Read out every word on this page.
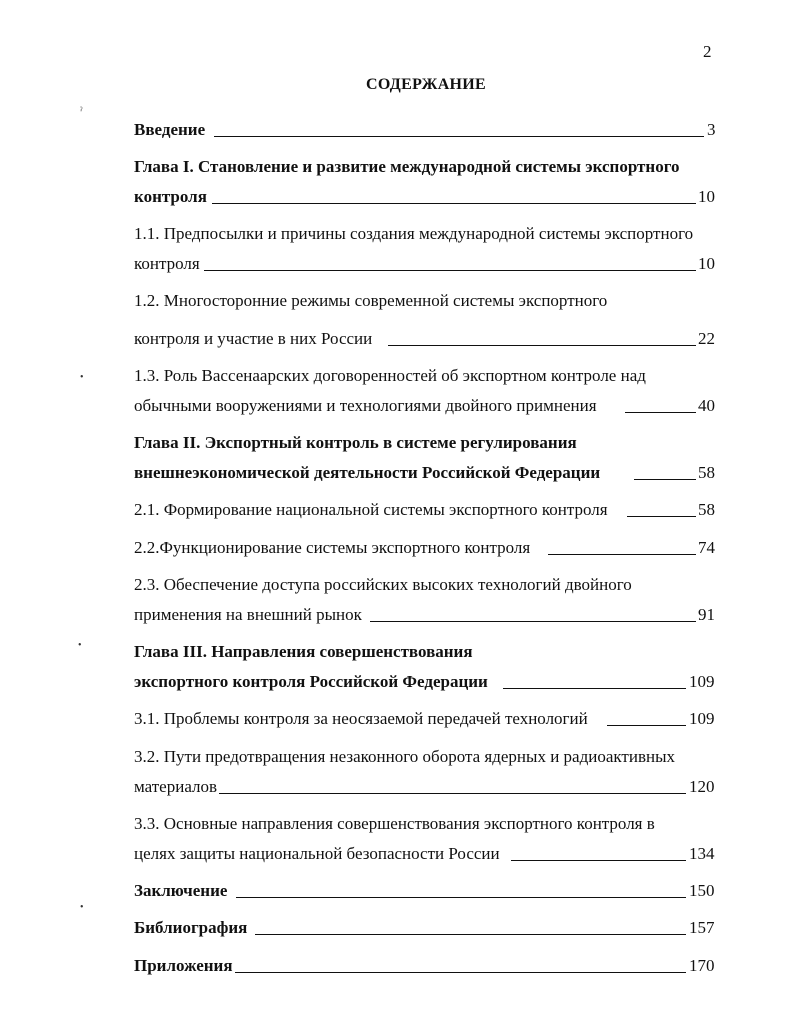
2
СОДЕРЖАНИЕ
ˀ
•
•
•
Введение	3
Глава I. Становление и развитие международной системы экспортного
контроля	10
1.1. Предпосылки и причины создания международной системы экспортного
контроля	10
1.2. Многосторонние режимы современной системы экспортного
контроля и участие в них России	22
1.3. Роль Вассенаарских договоренностей об экспортном контроле над
обычными вооружениями и технологиями двойного примнения	40
Глава II. Экспортный контроль в системе регулирования
внешнеэкономической деятельности Российской Федерации	58
2.1. Формирование национальной системы экспортного контроля	58
2.2.Функционирование системы экспортного контроля	74
2.3. Обеспечение доступа российских высоких технологий двойного
применения на внешний рынок	91
Глава III. Направления совершенствования
экспортного контроля Российской Федерации	109
3.1. Проблемы контроля за неосязаемой передачей технологий	109
3.2. Пути предотвращения незаконного оборота ядерных и радиоактивных
материалов	120
3.3. Основные направления совершенствования экспортного контроля в
целях защиты национальной безопасности России	134
Заключение	150
Библиография	157
Приложения	170
